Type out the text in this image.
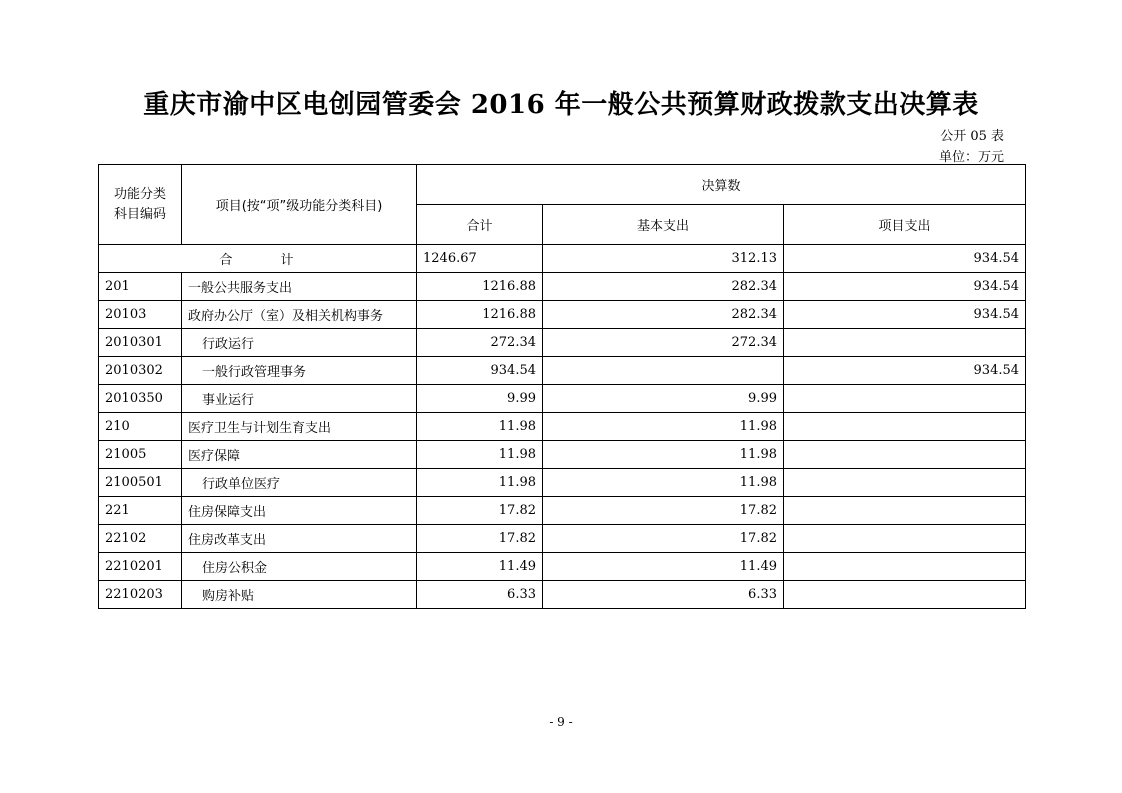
重庆市渝中区电创园管委会 2016 年一般公共预算财政拨款支出决算表
公开 05 表
单位：万元
功能分类
科目编码	项目(按“项”级功能分类科目)	决算数		
		合计	基本支出	项目支出
合 计		1246.67	312.13	934.54
201	一般公共服务支出	1216.88	282.34	934.54
20103	政府办公厅（室）及相关机构事务	1216.88	282.34	934.54
2010301	行政运行	272.34	272.34	
2010302	一般行政管理事务	934.54		934.54
2010350	事业运行	9.99	9.99	
210	医疗卫生与计划生育支出	11.98	11.98	
21005	医疗保障	11.98	11.98	
2100501	行政单位医疗	11.98	11.98	
221	住房保障支出	17.82	17.82	
22102	住房改革支出	17.82	17.82	
2210201	住房公积金	11.49	11.49	
2210203	购房补贴	6.33	6.33	
- 9 -
